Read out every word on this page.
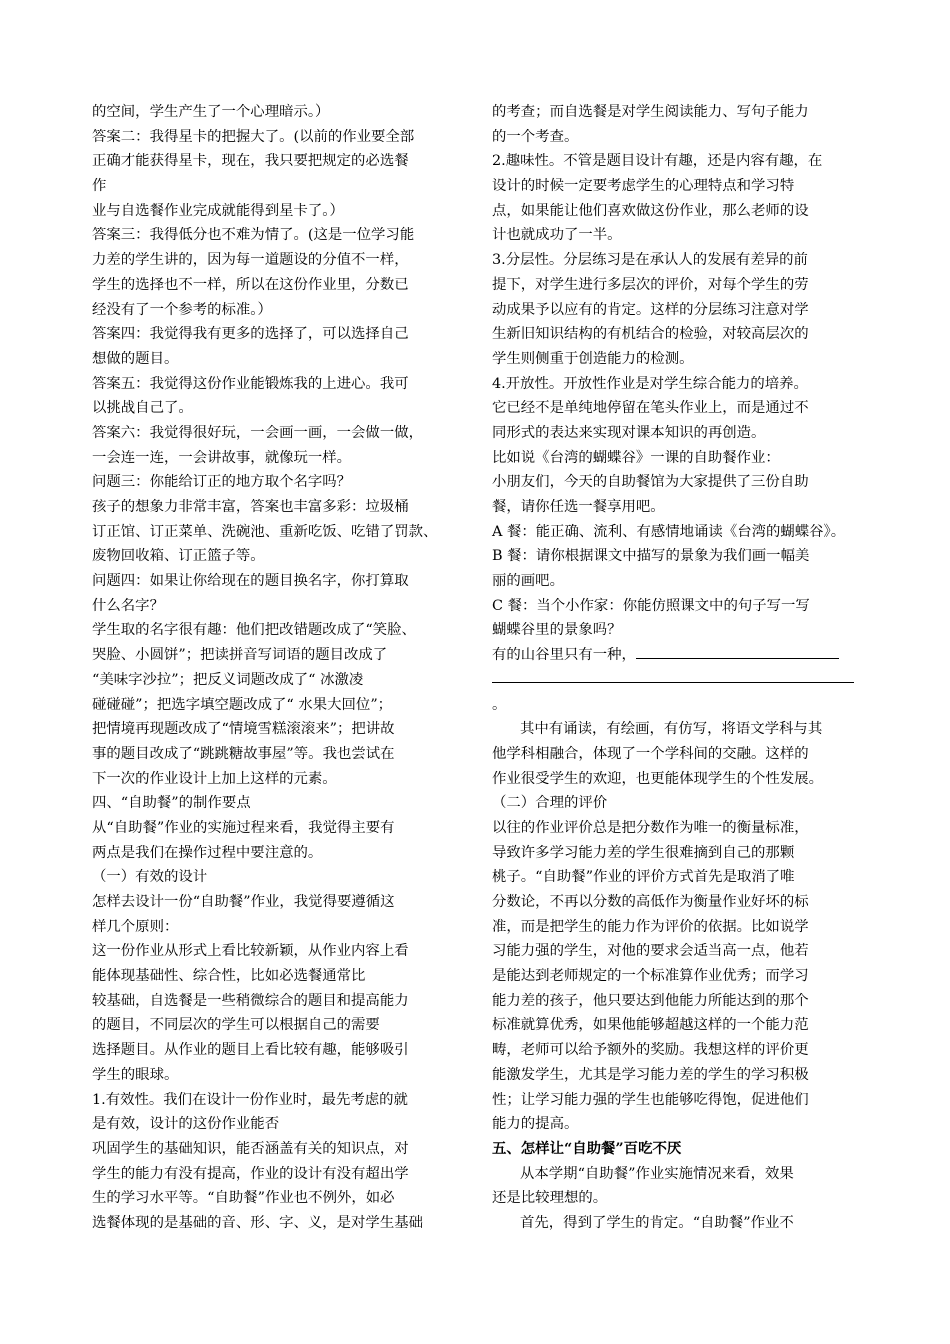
的空间，学生产生了一个心理暗示。）
答案二：我得星卡的把握大了。(以前的作业要全部
正确才能获得星卡，现在，我只要把规定的必选餐
作
业与自选餐作业完成就能得到星卡了。）
答案三：我得低分也不难为情了。(这是一位学习能
力差的学生讲的，因为每一道题设的分值不一样，
学生的选择也不一样，所以在这份作业里，分数已
经没有了一个参考的标准。）
答案四：我觉得我有更多的选择了，可以选择自己
想做的题目。
答案五：我觉得这份作业能锻炼我的上进心。我可
以挑战自己了。
答案六：我觉得很好玩，一会画一画，一会做一做，
一会连一连，一会讲故事，就像玩一样。
问题三：你能给订正的地方取个名字吗？
孩子的想象力非常丰富，答案也丰富多彩：垃圾桶
订正馆、订正菜单、洗碗池、重新吃饭、吃错了罚款、
废物回收箱、订正篮子等。
问题四：如果让你给现在的题目换名字，你打算取
什么名字？
学生取的名字很有趣：他们把改错题改成了“笑脸、
哭脸、小圆饼”；把读拼音写词语的题目改成了
“美味字沙拉”；把反义词题改成了“ 冰激凌
碰碰碰”；把选字填空题改成了“ 水果大回位”；
把情境再现题改成了“情境雪糕滚滚来”；把讲故
事的题目改成了“跳跳糖故事屋”等。我也尝试在
下一次的作业设计上加上这样的元素。
四、“自助餐”的制作要点
从“自助餐”作业的实施过程来看，我觉得主要有
两点是我们在操作过程中要注意的。
（一）有效的设计
怎样去设计一份“自助餐”作业，我觉得要遵循这
样几个原则：
这一份作业从形式上看比较新颖，从作业内容上看
能体现基础性、综合性，比如必选餐通常比
较基础，自选餐是一些稍微综合的题目和提高能力
的题目，不同层次的学生可以根据自己的需要
选择题目。从作业的题目上看比较有趣，能够吸引
学生的眼球。
1.有效性。我们在设计一份作业时，最先考虑的就
是有效，设计的这份作业能否
巩固学生的基础知识，能否涵盖有关的知识点，对
学生的能力有没有提高，作业的设计有没有超出学
生的学习水平等。“自助餐”作业也不例外，如必
选餐体现的是基础的音、形、字、义，是对学生基础
的考查；而自选餐是对学生阅读能力、写句子能力
的一个考查。
2.趣味性。不管是题目设计有趣，还是内容有趣，在
设计的时候一定要考虑学生的心理特点和学习特
点，如果能让他们喜欢做这份作业，那么老师的设
计也就成功了一半。
3.分层性。分层练习是在承认人的发展有差异的前
提下，对学生进行多层次的评价，对每个学生的劳
动成果予以应有的肯定。这样的分层练习注意对学
生新旧知识结构的有机结合的检验，对较高层次的
学生则侧重于创造能力的检测。
4.开放性。开放性作业是对学生综合能力的培养。
它已经不是单纯地停留在笔头作业上，而是通过不
同形式的表达来实现对课本知识的再创造。
比如说《台湾的蝴蝶谷》一课的自助餐作业：
小朋友们，今天的自助餐馆为大家提供了三份自助
餐，请你任选一餐享用吧。
A 餐：能正确、流利、有感情地诵读《台湾的蝴蝶谷》。
B 餐：请你根据课文中描写的景象为我们画一幅美
丽的画吧。
C 餐：当个小作家：你能仿照课文中的句子写一写
蝴蝶谷里的景象吗？
有的山谷里只有一种，
。
其中有诵读，有绘画，有仿写，将语文学科与其
他学科相融合，体现了一个学科间的交融。这样的
作业很受学生的欢迎，也更能体现学生的个性发展。
（二）合理的评价
以往的作业评价总是把分数作为唯一的衡量标准，
导致许多学习能力差的学生很难摘到自己的那颗
桃子。“自助餐”作业的评价方式首先是取消了唯
分数论，不再以分数的高低作为衡量作业好坏的标
准，而是把学生的能力作为评价的依据。比如说学
习能力强的学生，对他的要求会适当高一点，他若
是能达到老师规定的一个标准算作业优秀；而学习
能力差的孩子，他只要达到他能力所能达到的那个
标准就算优秀，如果他能够超越这样的一个能力范
畴，老师可以给予额外的奖励。我想这样的评价更
能激发学生，尤其是学习能力差的学生的学习积极
性；让学习能力强的学生也能够吃得饱，促进他们
能力的提高。
五、怎样让“自助餐”百吃不厌
从本学期“自助餐”作业实施情况来看，效果
还是比较理想的。
首先，得到了学生的肯定。“自助餐”作业不
